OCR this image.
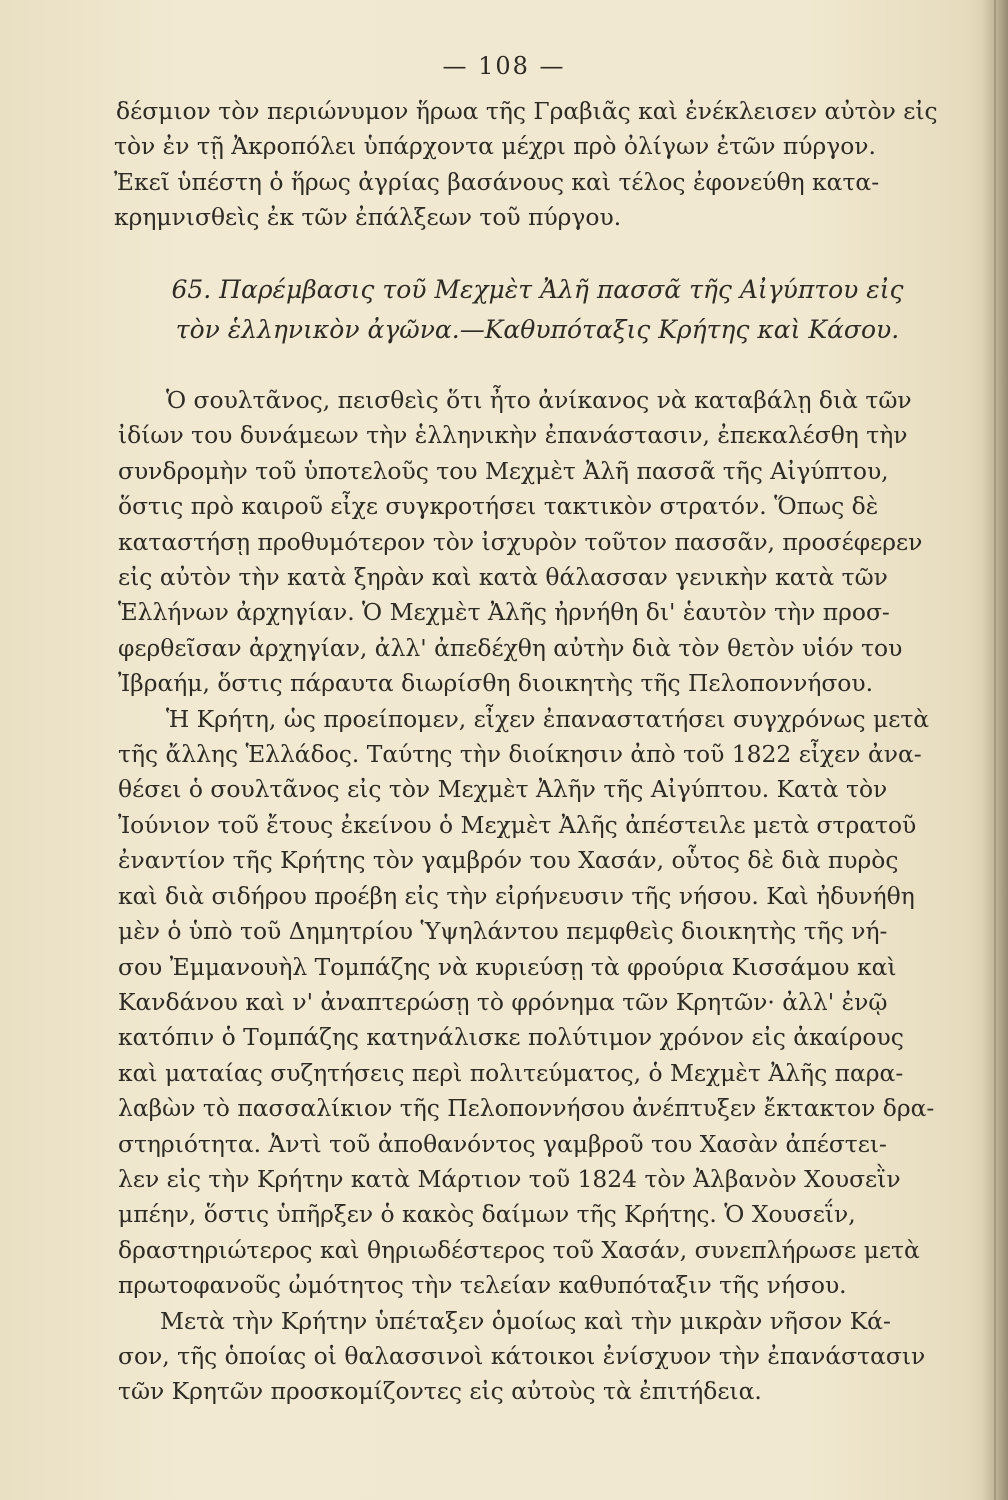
— 108 —
δέσμιον τὸν περιώνυμον ἥρωα τῆς Γραβιᾶς καὶ ἐνέκλεισεν αὐτὸν εἰς
τὸν ἐν τῇ Ἀκροπόλει ὑπάρχοντα μέχρι πρὸ ὀλίγων ἐτῶν πύργον.
Ἐκεῖ ὑπέστη ὁ ἥρως ἀγρίας βασάνους καὶ τέλος ἐφονεύθη κατα-
κρημνισθεὶς ἐκ τῶν ἐπάλξεων τοῦ πύργου.
65. Παρέμβασις τοῦ Μεχμὲτ Ἀλῆ πασσᾶ τῆς Αἰγύπτου εἰς
τὸν ἑλληνικὸν ἀγῶνα.—Καθυπόταξις Κρήτης καὶ Κάσου.
Ὁ σουλτᾶνος, πεισθεὶς ὅτι ἦτο ἀνίκανος νὰ καταβάλῃ διὰ τῶν
ἰδίων του δυνάμεων τὴν ἑλληνικὴν ἐπανάστασιν, ἐπεκαλέσθη τὴν
συνδρομὴν τοῦ ὑποτελοῦς του Μεχμὲτ Ἀλῆ πασσᾶ τῆς Αἰγύπτου,
ὅστις πρὸ καιροῦ εἶχε συγκροτήσει τακτικὸν στρατόν. Ὅπως δὲ
καταστήσῃ προθυμότερον τὸν ἰσχυρὸν τοῦτον πασσᾶν, προσέφερεν
εἰς αὐτὸν τὴν κατὰ ξηρὰν καὶ κατὰ θάλασσαν γενικὴν κατὰ τῶν
Ἑλλήνων ἀρχηγίαν. Ὁ Μεχμὲτ Ἀλῆς ἠρνήθη δι' ἑαυτὸν τὴν προσ-
φερθεῖσαν ἀρχηγίαν, ἀλλ' ἀπεδέχθη αὐτὴν διὰ τὸν θετὸν υἱόν του
Ἰβραήμ, ὅστις πάραυτα διωρίσθη διοικητὴς τῆς Πελοποννήσου.
Ἡ Κρήτη, ὡς προείπομεν, εἶχεν ἐπαναστατήσει συγχρόνως μετὰ
τῆς ἄλλης Ἑλλάδος. Ταύτης τὴν διοίκησιν ἀπὸ τοῦ 1822 εἶχεν ἀνα-
θέσει ὁ σουλτᾶνος εἰς τὸν Μεχμὲτ Ἀλῆν τῆς Αἰγύπτου. Κατὰ τὸν
Ἰούνιον τοῦ ἔτους ἐκείνου ὁ Μεχμὲτ Ἀλῆς ἀπέστειλε μετὰ στρατοῦ
ἐναντίον τῆς Κρήτης τὸν γαμβρόν του Χασάν, οὗτος δὲ διὰ πυρὸς
καὶ διὰ σιδήρου προέβη εἰς τὴν εἰρήνευσιν τῆς νήσου. Καὶ ἠδυνήθη
μὲν ὁ ὑπὸ τοῦ Δημητρίου Ὑψηλάντου πεμφθεὶς διοικητὴς τῆς νή-
σου Ἐμμανουὴλ Τομπάζης νὰ κυριεύσῃ τὰ φρούρια Κισσάμου καὶ
Κανδάνου καὶ ν' ἀναπτερώσῃ τὸ φρόνημα τῶν Κρητῶν· ἀλλ' ἐνῷ
κατόπιν ὁ Τομπάζης κατηνάλισκε πολύτιμον χρόνον εἰς ἀκαίρους
καὶ ματαίας συζητήσεις περὶ πολιτεύματος, ὁ Μεχμὲτ Ἀλῆς παρα-
λαβὼν τὸ πασσαλίκιον τῆς Πελοποννήσου ἀνέπτυξεν ἔκτακτον δρα-
στηριότητα. Ἀντὶ τοῦ ἀποθανόντος γαμβροῦ του Χασὰν ἀπέστει-
λεν εἰς τὴν Κρήτην κατὰ Μάρτιον τοῦ 1824 τὸν Ἀλβανὸν Χουσεῒν
μπέην, ὅστις ὑπῆρξεν ὁ κακὸς δαίμων τῆς Κρήτης. Ὁ Χουσεΐν,
δραστηριώτερος καὶ θηριωδέστερος τοῦ Χασάν, συνεπλήρωσε μετὰ
πρωτοφανοῦς ὠμότητος τὴν τελείαν καθυπόταξιν τῆς νήσου.
Μετὰ τὴν Κρήτην ὑπέταξεν ὁμοίως καὶ τὴν μικρὰν νῆσον Κά-
σον, τῆς ὁποίας οἱ θαλασσινοὶ κάτοικοι ἐνίσχυον τὴν ἐπανάστασιν
τῶν Κρητῶν προσκομίζοντες εἰς αὐτοὺς τὰ ἐπιτήδεια.
